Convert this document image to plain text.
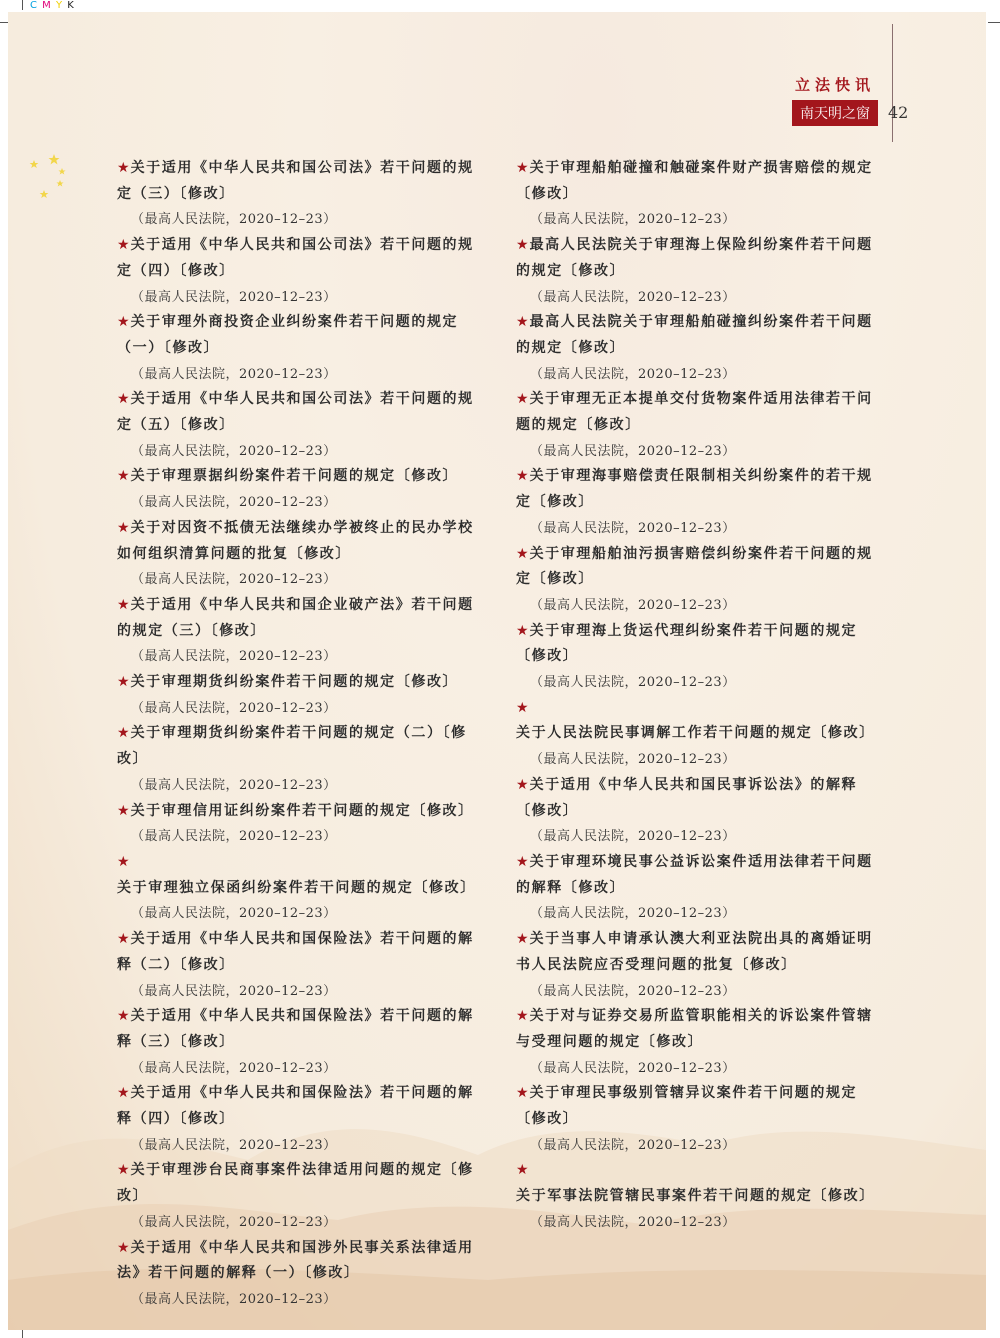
C M Y K
立法快讯
南天明之窗	42

★关于适用《中华人民共和国公司法》若干问题的规定（三）〔修改〕

（最高人民法院，2020–12–23）

★关于适用《中华人民共和国公司法》若干问题的规定（四）〔修改〕

（最高人民法院，2020–12–23）

★关于审理外商投资企业纠纷案件若干问题的规定（一）〔修改〕

（最高人民法院，2020–12–23）

★关于适用《中华人民共和国公司法》若干问题的规定（五）〔修改〕

（最高人民法院，2020–12–23）

★关于审理票据纠纷案件若干问题的规定〔修改〕

（最高人民法院，2020–12–23）

★关于对因资不抵债无法继续办学被终止的民办学校如何组织清算问题的批复〔修改〕

（最高人民法院，2020–12–23）

★关于适用《中华人民共和国企业破产法》若干问题的规定（三）〔修改〕

（最高人民法院，2020–12–23）

★关于审理期货纠纷案件若干问题的规定〔修改〕

（最高人民法院，2020–12–23）

★关于审理期货纠纷案件若干问题的规定（二）〔修改〕

（最高人民法院，2020–12–23）

★关于审理信用证纠纷案件若干问题的规定〔修改〕

（最高人民法院，2020–12–23）

★关于审理独立保函纠纷案件若干问题的规定〔修改〕

（最高人民法院，2020–12–23）

★关于适用《中华人民共和国保险法》若干问题的解释（二）〔修改〕

（最高人民法院，2020–12–23）

★关于适用《中华人民共和国保险法》若干问题的解释（三）〔修改〕

（最高人民法院，2020–12–23）

★关于适用《中华人民共和国保险法》若干问题的解释（四）〔修改〕

（最高人民法院，2020–12–23）

★关于审理涉台民商事案件法律适用问题的规定〔修改〕

（最高人民法院，2020–12–23）

★关于适用《中华人民共和国涉外民事关系法律适用法》若干问题的解释（一）〔修改〕

（最高人民法院，2020–12–23）

★关于审理船舶碰撞和触碰案件财产损害赔偿的规定〔修改〕

（最高人民法院，2020–12–23）

★最高人民法院关于审理海上保险纠纷案件若干问题的规定〔修改〕

（最高人民法院，2020–12–23）

★最高人民法院关于审理船舶碰撞纠纷案件若干问题的规定〔修改〕

（最高人民法院，2020–12–23）

★关于审理无正本提单交付货物案件适用法律若干问题的规定〔修改〕

（最高人民法院，2020–12–23）

★关于审理海事赔偿责任限制相关纠纷案件的若干规定〔修改〕

（最高人民法院，2020–12–23）

★关于审理船舶油污损害赔偿纠纷案件若干问题的规定〔修改〕

（最高人民法院，2020–12–23）

★关于审理海上货运代理纠纷案件若干问题的规定〔修改〕

（最高人民法院，2020–12–23）

★关于人民法院民事调解工作若干问题的规定〔修改〕

（最高人民法院，2020–12–23）

★关于适用《中华人民共和国民事诉讼法》的解释〔修改〕

（最高人民法院，2020–12–23）

★关于审理环境民事公益诉讼案件适用法律若干问题的解释〔修改〕

（最高人民法院，2020–12–23）

★关于当事人申请承认澳大利亚法院出具的离婚证明书人民法院应否受理问题的批复〔修改〕

（最高人民法院，2020–12–23）

★关于对与证券交易所监管职能相关的诉讼案件管辖与受理问题的规定〔修改〕

（最高人民法院，2020–12–23）

★关于审理民事级别管辖异议案件若干问题的规定〔修改〕

（最高人民法院，2020–12–23）

★关于军事法院管辖民事案件若干问题的规定〔修改〕

（最高人民法院，2020–12–23）
